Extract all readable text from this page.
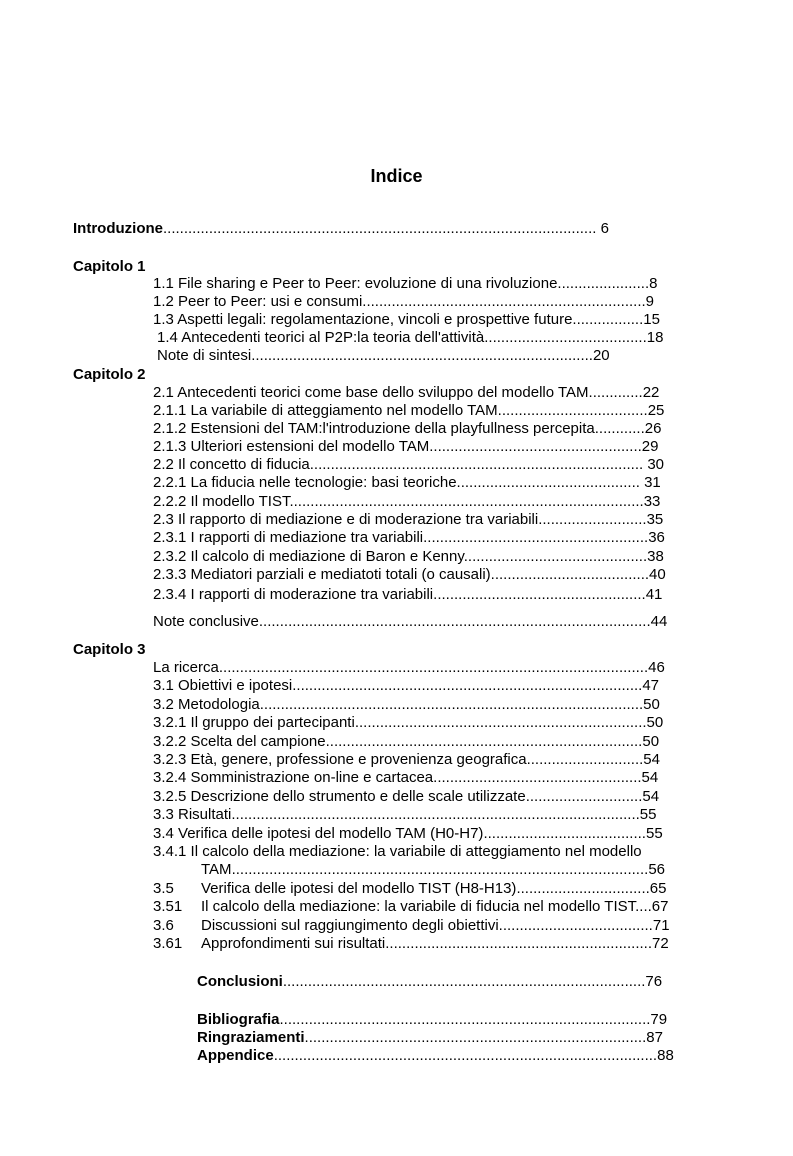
Indice
Introduzione........................................................................................................ 6
Capitolo 1
1.1 File sharing e Peer to Peer: evoluzione di una rivoluzione......................8
1.2 Peer to Peer: usi e consumi....................................................................9
1.3 Aspetti legali: regolamentazione, vincoli e prospettive future.................15
1.4 Antecedenti teorici al P2P:la teoria dell'attività.......................................18
Note di sintesi..................................................................................20
Capitolo 2
2.1 Antecedenti teorici come base dello sviluppo del modello TAM.............22
2.1.1 La variabile di atteggiamento nel modello TAM....................................25
2.1.2 Estensioni del TAM:l'introduzione della playfullness percepita............26
2.1.3 Ulteriori estensioni del modello TAM...................................................29
2.2 Il concetto di fiducia................................................................................ 30
2.2.1 La fiducia nelle tecnologie: basi teoriche............................................ 31
2.2.2 Il modello TIST.....................................................................................33
2.3 Il rapporto di mediazione e di moderazione tra variabili..........................35
2.3.1 I rapporti di mediazione tra variabili......................................................36
2.3.2 Il calcolo di mediazione di Baron e Kenny............................................38
2.3.3 Mediatori parziali e mediatoti totali (o causali)......................................40
2.3.4 I rapporti di moderazione tra variabili...................................................41
Note conclusive..............................................................................................44
Capitolo 3
La ricerca.......................................................................................................46
3.1 Obiettivi e ipotesi....................................................................................47
3.2 Metodologia............................................................................................50
3.2.1 Il gruppo dei partecipanti......................................................................50
3.2.2 Scelta del campione............................................................................50
3.2.3 Età, genere, professione e provenienza geografica............................54
3.2.4 Somministrazione on-line e cartacea..................................................54
3.2.5 Descrizione dello strumento e delle scale utilizzate............................54
3.3 Risultati..................................................................................................55
3.4 Verifica delle ipotesi del modello TAM (H0-H7).......................................55
3.4.1 Il calcolo della mediazione: la variabile di atteggiamento nel modello
TAM....................................................................................................56
3.5 Verifica delle ipotesi del modello TIST (H8-H13)................................65
3.51 Il calcolo della mediazione: la variabile di fiducia nel modello TIST....67
3.6 Discussioni sul raggiungimento degli obiettivi.....................................71
3.61 Approfondimenti sui risultati................................................................72
Conclusioni.......................................................................................76
Bibliografia.........................................................................................79
Ringraziamenti..................................................................................87
Appendice............................................................................................88
